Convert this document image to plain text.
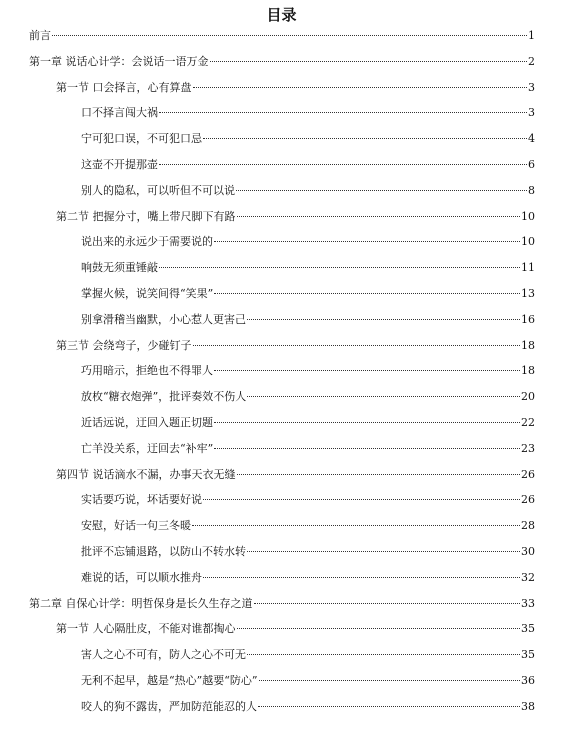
目录
前言	1
第一章 说话心计学：会说话一语万金	2
第一节 口会择言，心有算盘	3
口不择言闯大祸	3
宁可犯口误，不可犯口忌	4
这壶不开提那壶	6
别人的隐私，可以听但不可以说	8
第二节 把握分寸，嘴上带尺脚下有路	10
说出来的永远少于需要说的	10
响鼓无须重锤敲	11
掌握火候，说笑间得“笑果”	13
别拿滑稽当幽默，小心惹人更害己	16
第三节 会绕弯子，少碰钉子	18
巧用暗示，拒绝也不得罪人	18
放枚“糖衣炮弹”，批评奏效不伤人	20
近话远说，迂回入题正切题	22
亡羊没关系，迂回去“补牢”	23
第四节 说话滴水不漏，办事天衣无缝	26
实话要巧说，坏话要好说	26
安慰，好话一句三冬暖	28
批评不忘铺退路，以防山不转水转	30
难说的话，可以顺水推舟	32
第二章 自保心计学：明哲保身是长久生存之道	33
第一节 人心隔肚皮，不能对谁都掏心	35
害人之心不可有，防人之心不可无	35
无利不起早，越是“热心”越要“防心”	36
咬人的狗不露齿，严加防范能忍的人	38
